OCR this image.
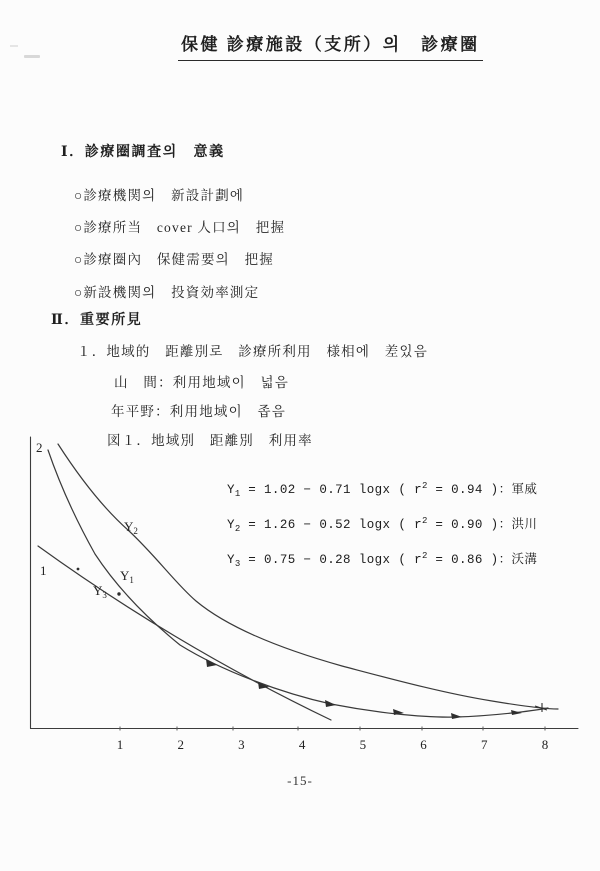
保健 診療施設（支所）의　診療圈
Ⅰ．診療圈調査의　意義
○診療機関의　新設計劃에
○診療所当　cover 人口의　把握
○診療圈內　保健需要의　把握
○新設機関의　投資効率測定
Ⅱ．重要所見
１．地域的　距離別로　診療所利用　様相에　差있음
山　間：利用地域이　넓음
年平野：利用地域이　좁음
図１．地域別　距離別　利用率
1	2	3	4	5	6	7	8
2
1	$Y_1$
$Y_2$
$Y_3$
$Y_1 = 1.02 - 0.71$ logx ( $r^2 = 0.94$ )：軍威
$Y_2 = 1.26 - 0.52$ logx ( $r^2 = 0.90$ )：洪川
$Y_3 = 0.75 - 0.28$ logx ( $r^2 = 0.86$ )：沃溝
-15-
